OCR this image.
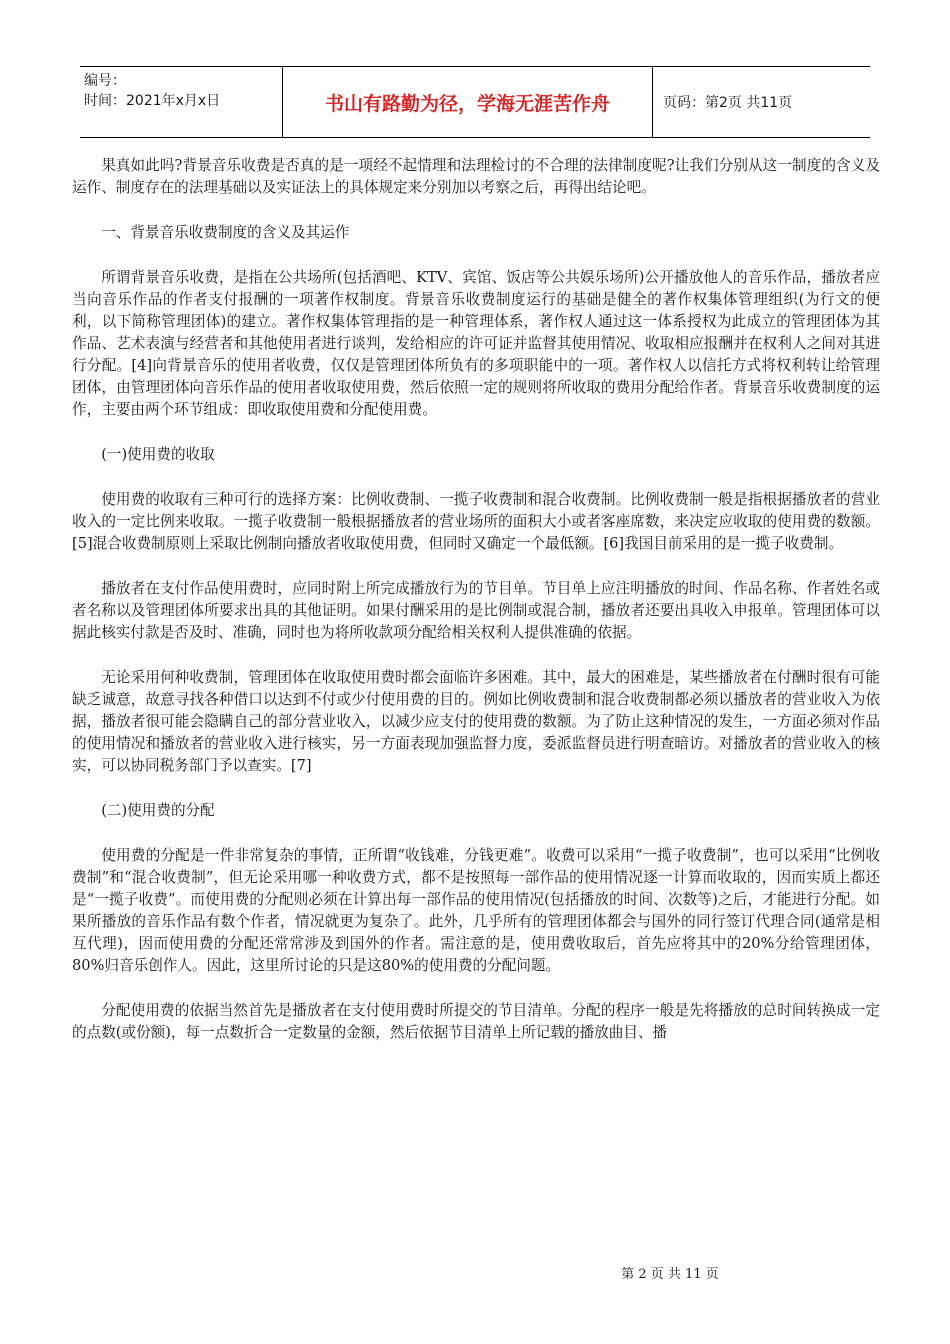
编号：
时间：2021年x月x日	书山有路勤为径，学海无涯苦作舟	页码：第2页 共11页

果真如此吗?背景音乐收费是否真的是一项经不起情理和法理检讨的不合理的法律制度呢?让我们分别从这一制度的含义及运作、制度存在的法理基础以及实证法上的具体规定来分别加以考察之后，再得出结论吧。

一、背景音乐收费制度的含义及其运作

所谓背景音乐收费，是指在公共场所(包括酒吧、KTV、宾馆、饭店等公共娱乐场所)公开播放他人的音乐作品，播放者应当向音乐作品的作者支付报酬的一项著作权制度。背景音乐收费制度运行的基础是健全的著作权集体管理组织(为行文的便利，以下简称管理团体)的建立。著作权集体管理指的是一种管理体系，著作权人通过这一体系授权为此成立的管理团体为其作品、艺术表演与经营者和其他使用者进行谈判，发给相应的许可证并监督其使用情况、收取相应报酬并在权利人之间对其进行分配。[4]向背景音乐的使用者收费，仅仅是管理团体所负有的多项职能中的一项。著作权人以信托方式将权利转让给管理团体，由管理团体向音乐作品的使用者收取使用费，然后依照一定的规则将所收取的费用分配给作者。背景音乐收费制度的运作，主要由两个环节组成：即收取使用费和分配使用费。

(一)使用费的收取

使用费的收取有三种可行的选择方案：比例收费制、一揽子收费制和混合收费制。比例收费制一般是指根据播放者的营业收入的一定比例来收取。一揽子收费制一般根据播放者的营业场所的面积大小或者客座席数，来决定应收取的使用费的数额。[5]混合收费制原则上采取比例制向播放者收取使用费，但同时又确定一个最低额。[6]我国目前采用的是一揽子收费制。

播放者在支付作品使用费时，应同时附上所完成播放行为的节目单。节目单上应注明播放的时间、作品名称、作者姓名或者名称以及管理团体所要求出具的其他证明。如果付酬采用的是比例制或混合制，播放者还要出具收入申报单。管理团体可以据此核实付款是否及时、准确，同时也为将所收款项分配给相关权利人提供准确的依据。

无论采用何种收费制，管理团体在收取使用费时都会面临许多困难。其中，最大的困难是，某些播放者在付酬时很有可能缺乏诚意，故意寻找各种借口以达到不付或少付使用费的目的。例如比例收费制和混合收费制都必须以播放者的营业收入为依据，播放者很可能会隐瞒自己的部分营业收入，以减少应支付的使用费的数额。为了防止这种情况的发生，一方面必须对作品的使用情况和播放者的营业收入进行核实，另一方面表现加强监督力度，委派监督员进行明查暗访。对播放者的营业收入的核实，可以协同税务部门予以查实。[7]

(二)使用费的分配

使用费的分配是一件非常复杂的事情，正所谓“收钱难，分钱更难”。收费可以采用“一揽子收费制”，也可以采用“比例收费制”和“混合收费制”，但无论采用哪一种收费方式，都不是按照每一部作品的使用情况逐一计算而收取的，因而实质上都还是“一揽子收费”。而使用费的分配则必须在计算出每一部作品的使用情况(包括播放的时间、次数等)之后，才能进行分配。如果所播放的音乐作品有数个作者，情况就更为复杂了。此外，几乎所有的管理团体都会与国外的同行签订代理合同(通常是相互代理)，因而使用费的分配还常常涉及到国外的作者。需注意的是，使用费收取后，首先应将其中的20%分给管理团体，80%归音乐创作人。因此，这里所讨论的只是这80%的使用费的分配问题。

分配使用费的依据当然首先是播放者在支付使用费时所提交的节目清单。分配的程序一般是先将播放的总时间转换成一定的点数(或份额)，每一点数折合一定数量的金额，然后依据节目清单上所记载的播放曲目、播

第 2 页 共 11 页
